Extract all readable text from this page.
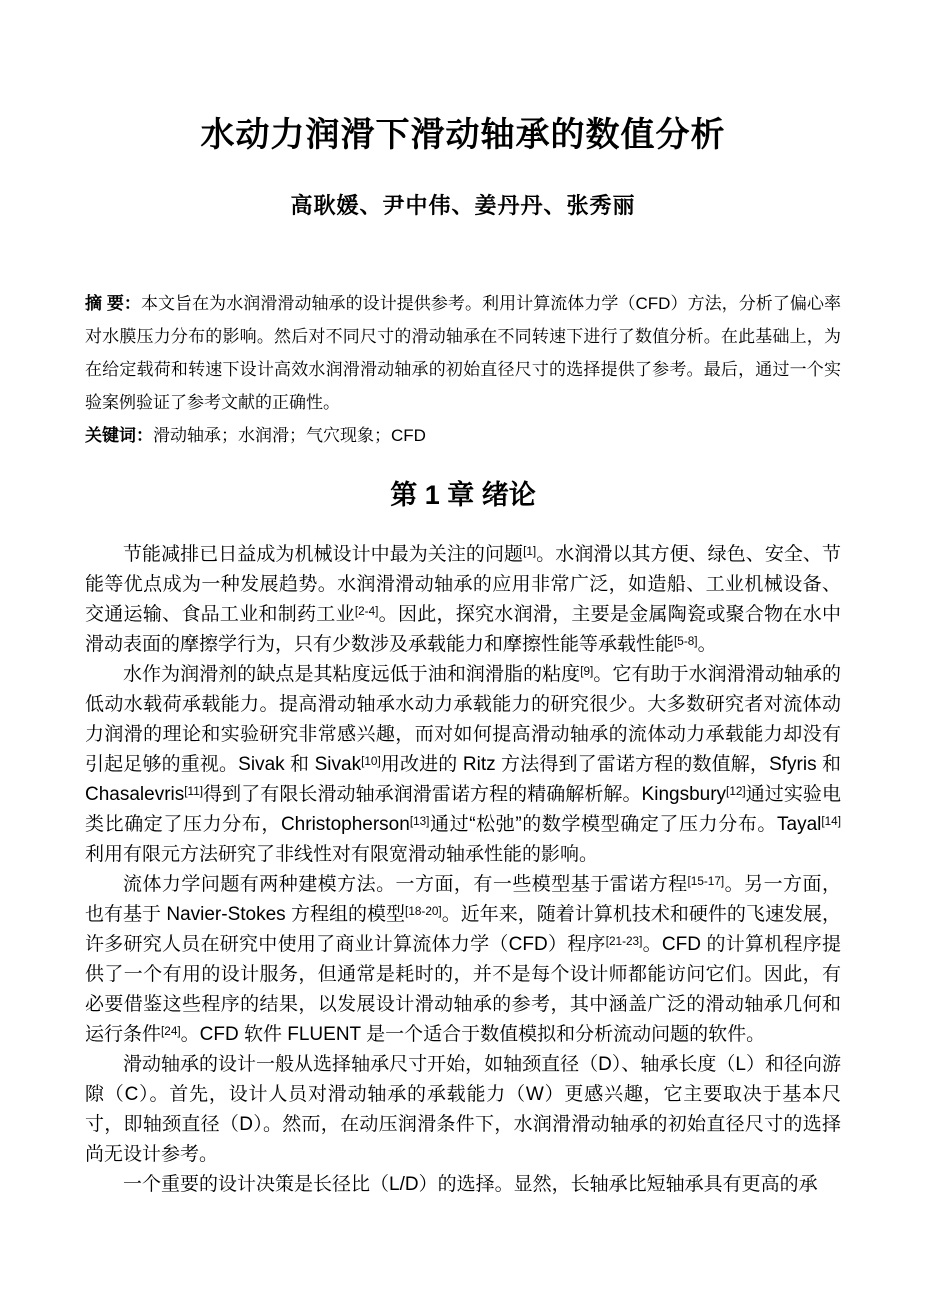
水动力润滑下滑动轴承的数值分析
高耿媛、尹中伟、姜丹丹、张秀丽

摘 要：本文旨在为水润滑滑动轴承的设计提供参考。利用计算流体力学（CFD）方法，分析了偏心率对水膜压力分布的影响。然后对不同尺寸的滑动轴承在不同转速下进行了数值分析。在此基础上，为在给定载荷和转速下设计高效水润滑滑动轴承的初始直径尺寸的选择提供了参考。最后，通过一个实验案例验证了参考文献的正确性。

关键词：滑动轴承；水润滑；气穴现象；CFD

第 1 章 绪论

节能减排已日益成为机械设计中最为关注的问题[1]。水润滑以其方便、绿色、安全、节能等优点成为一种发展趋势。水润滑滑动轴承的应用非常广泛，如造船、工业机械设备、交通运输、食品工业和制药工业[2-4]。因此，探究水润滑，主要是金属陶瓷或聚合物在水中滑动表面的摩擦学行为，只有少数涉及承载能力和摩擦性能等承载性能[5-8]。

水作为润滑剂的缺点是其粘度远低于油和润滑脂的粘度[9]。它有助于水润滑滑动轴承的低动水载荷承载能力。提高滑动轴承水动力承载能力的研究很少。大多数研究者对流体动力润滑的理论和实验研究非常感兴趣，而对如何提高滑动轴承的流体动力承载能力却没有引起足够的重视。Sivak 和 Sivak[10]用改进的 Ritz 方法得到了雷诺方程的数值解，Sfyris 和 Chasalevris[11]得到了有限长滑动轴承润滑雷诺方程的精确解析解。Kingsbury[12]通过实验电类比确定了压力分布，Christopherson[13]通过“松弛”的数学模型确定了压力分布。Tayal[14]利用有限元方法研究了非线性对有限宽滑动轴承性能的影响。

流体力学问题有两种建模方法。一方面，有一些模型基于雷诺方程[15-17]。另一方面，也有基于 Navier-Stokes 方程组的模型[18-20]。近年来，随着计算机技术和硬件的飞速发展，许多研究人员在研究中使用了商业计算流体力学（CFD）程序[21-23]。CFD 的计算机程序提供了一个有用的设计服务，但通常是耗时的，并不是每个设计师都能访问它们。因此，有必要借鉴这些程序的结果，以发展设计滑动轴承的参考，其中涵盖广泛的滑动轴承几何和运行条件[24]。CFD 软件 FLUENT 是一个适合于数值模拟和分析流动问题的软件。

滑动轴承的设计一般从选择轴承尺寸开始，如轴颈直径（D）、轴承长度（L）和径向游隙（C）。首先，设计人员对滑动轴承的承载能力（W）更感兴趣，它主要取决于基本尺寸，即轴颈直径（D）。然而，在动压润滑条件下，水润滑滑动轴承的初始直径尺寸的选择尚无设计参考。

一个重要的设计决策是长径比（L/D）的选择。显然，长轴承比短轴承具有更高的承
